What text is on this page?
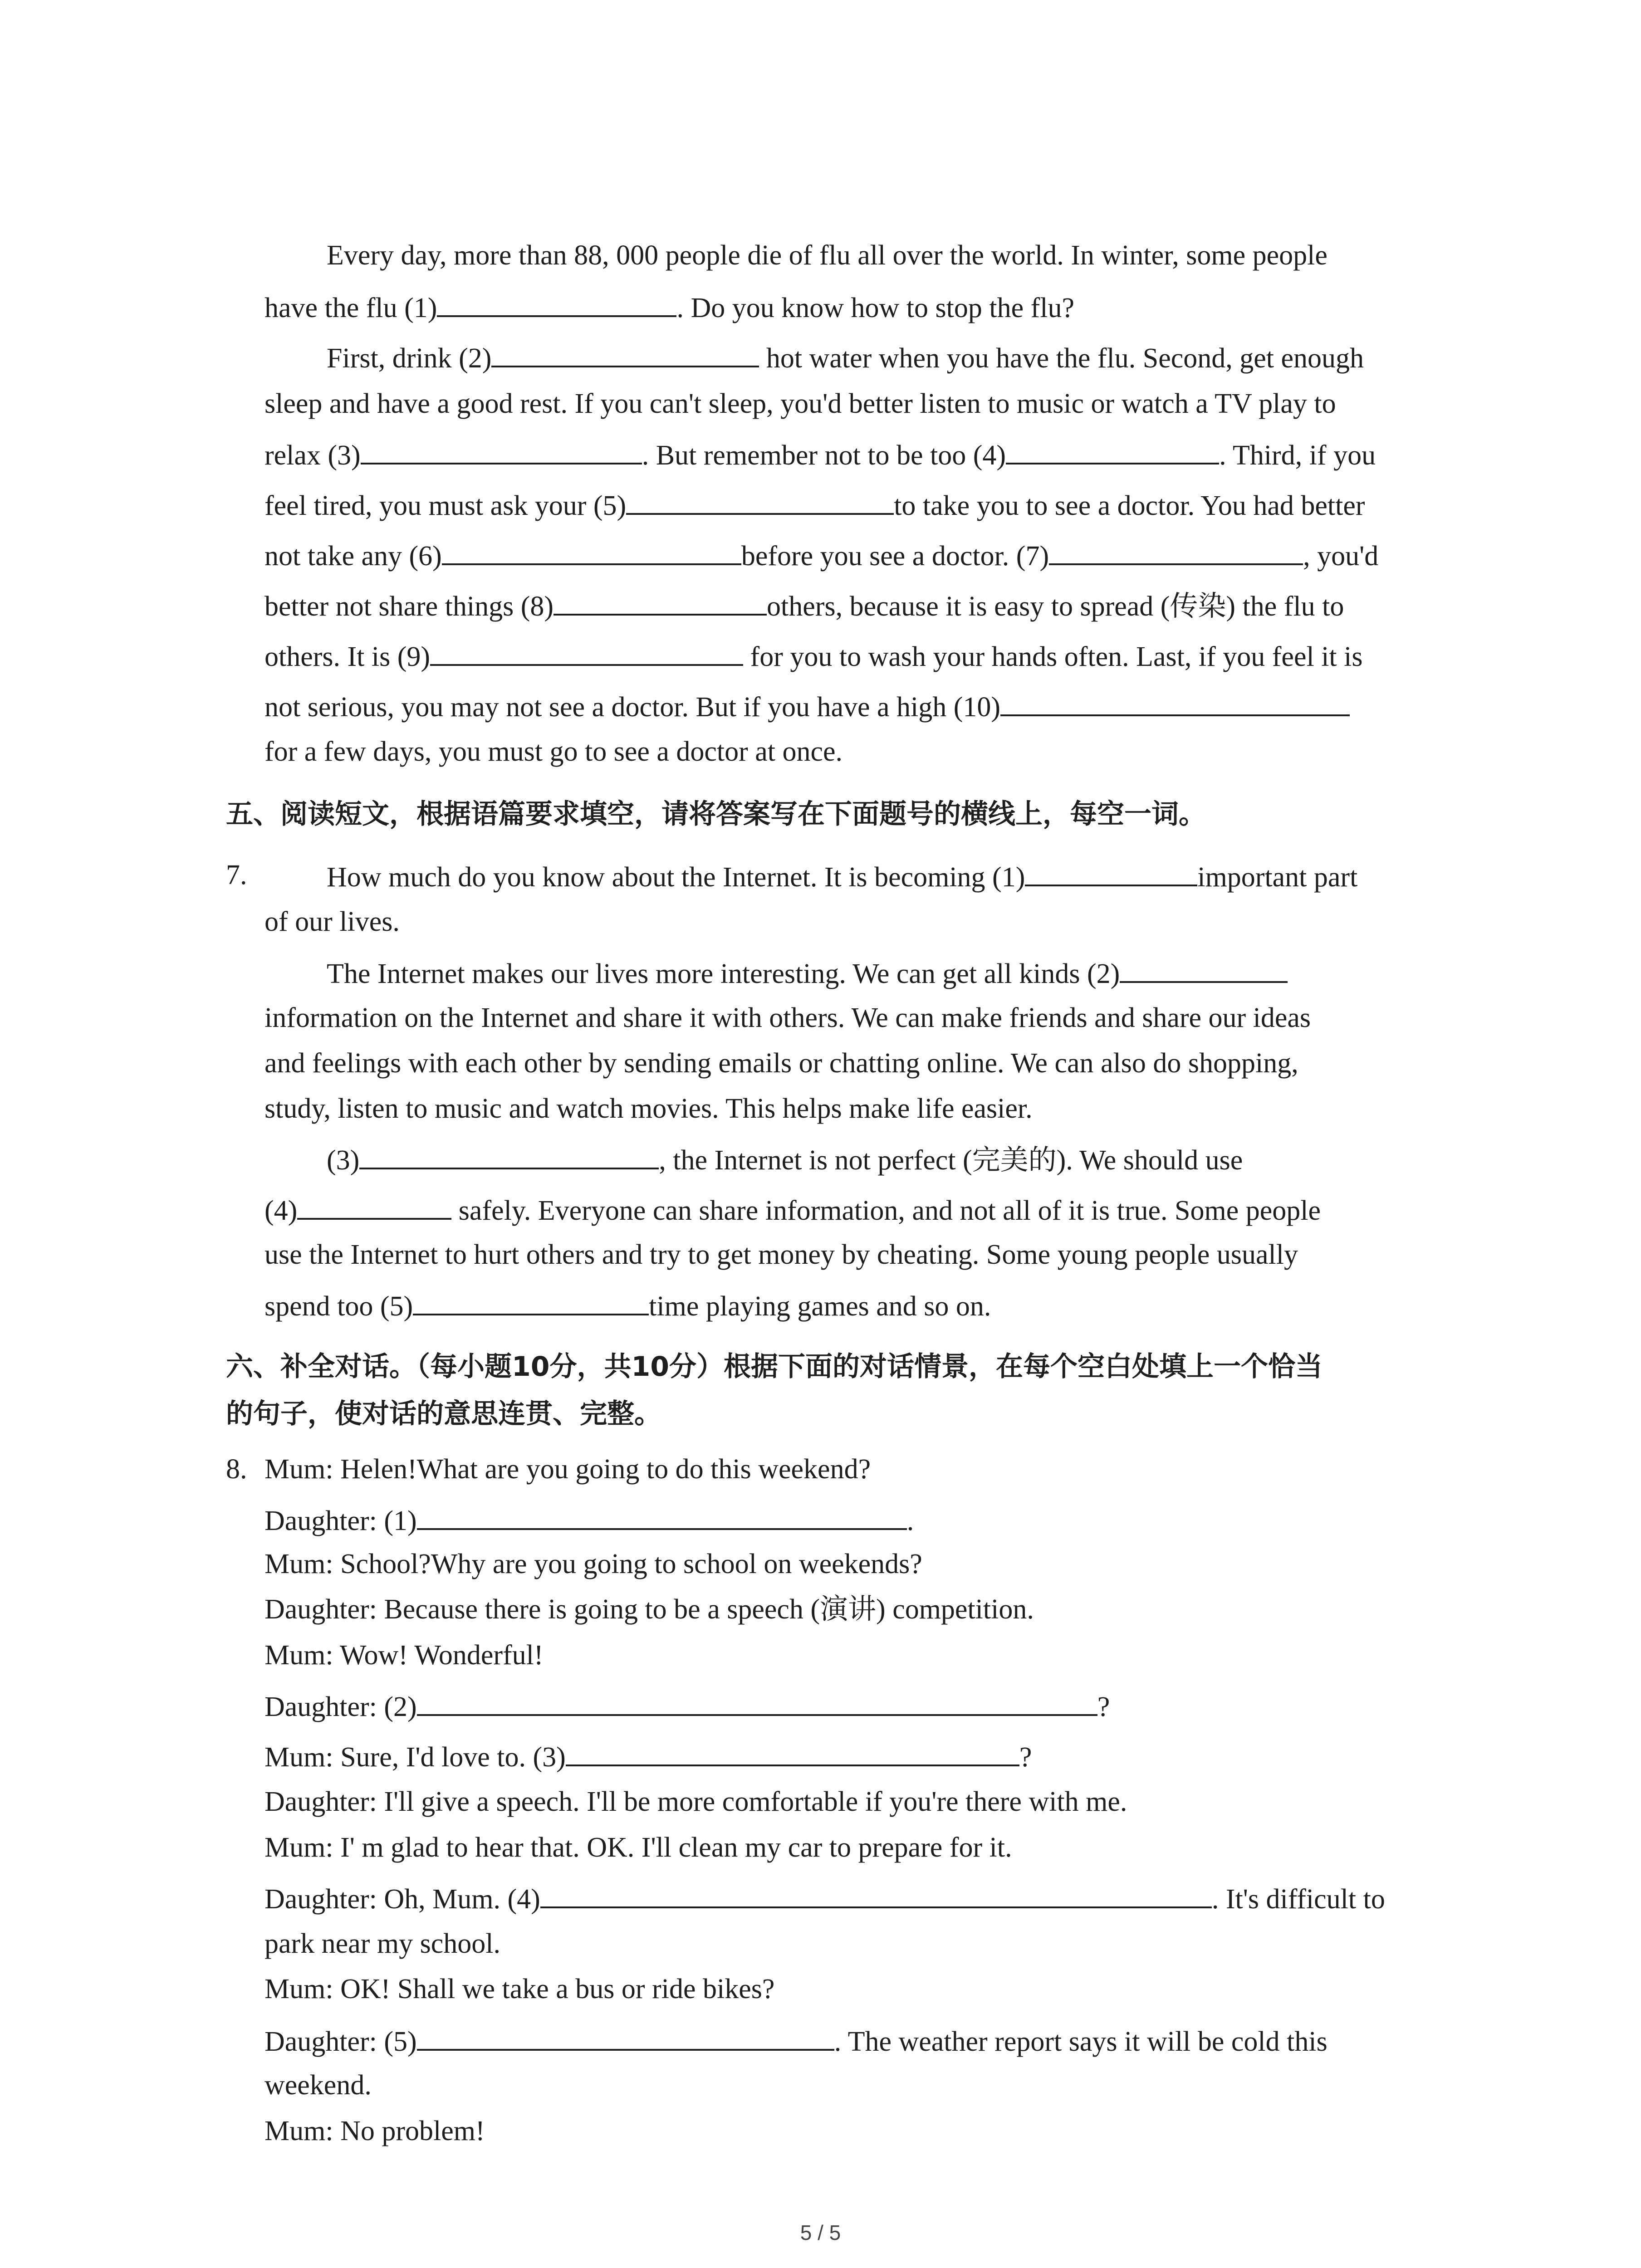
Every day, more than 88, 000 people die of flu all over the world. In winter, some people
have the flu (1)	. Do you know how to stop the flu?
First, drink (2)	hot water when you have the flu. Second, get enough
sleep and have a good rest. If you can't sleep, you'd better listen to music or watch a TV play to
relax (3)	. But remember not to be too (4)	. Third, if you
feel tired, you must ask your (5)	to take you to see a doctor. You had better
not take any (6)	before you see a doctor. (7)	, you'd
better not share things (8)	others, because it is easy to spread (传染) the flu to
others. It is (9)	for you to wash your hands often. Last, if you feel it is
not serious, you may not see a doctor. But if you have a high (10)
for a few days, you must go to see a doctor at once.
五、阅读短文，根据语篇要求填空，请将答案写在下面题号的横线上，每空一词。
7.	How much do you know about the Internet. It is becoming (1)	important part
of our lives.
The Internet makes our lives more interesting. We can get all kinds (2)
information on the Internet and share it with others. We can make friends and share our ideas
and feelings with each other by sending emails or chatting online. We can also do shopping,
study, listen to music and watch movies. This helps make life easier.
(3)	, the Internet is not perfect (完美的). We should use
(4)	safely. Everyone can share information, and not all of it is true. Some people
use the Internet to hurt others and try to get money by cheating. Some young people usually
spend too (5)	time playing games and so on.
六、补全对话。（每小题10分，共10分）根据下面的对话情景，在每个空白处填上一个恰当
的句子，使对话的意思连贯、完整。
8. Mum: Helen!What are you going to do this weekend?
Daughter: (1)	.
Mum: School?Why are you going to school on weekends?
Daughter: Because there is going to be a speech (演讲) competition.
Mum: Wow! Wonderful!
Daughter: (2)	?
Mum: Sure, I'd love to. (3)	?
Daughter: I'll give a speech. I'll be more comfortable if you're there with me.
Mum: I' m glad to hear that. OK. I'll clean my car to prepare for it.
Daughter: Oh, Mum. (4)	. It's difficult to
park near my school.
Mum: OK! Shall we take a bus or ride bikes?
Daughter: (5)	. The weather report says it will be cold this
weekend.
Mum: No problem!
5 / 5
